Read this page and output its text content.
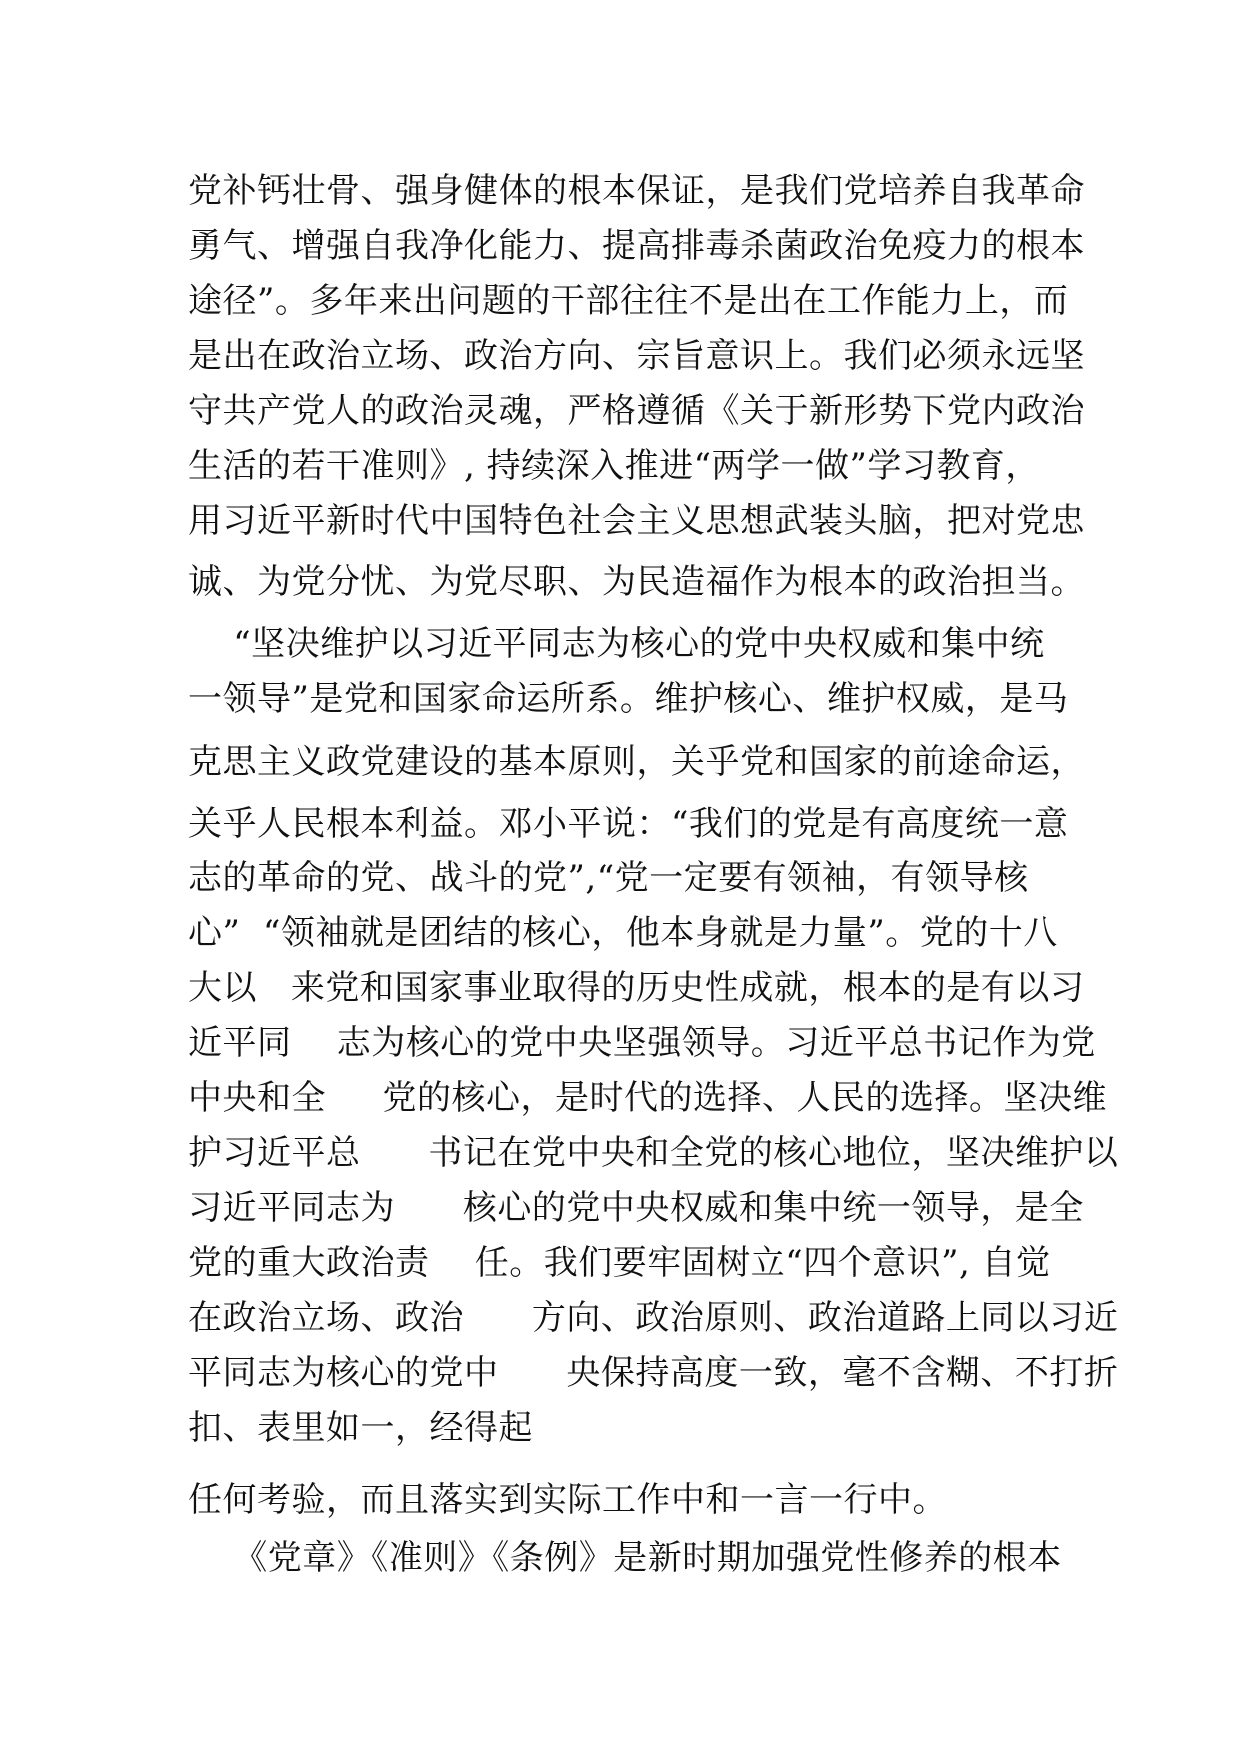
党补钙壮骨、强身健体的根本保证，是我们党培养自我革命
勇气、增强自我净化能力、提高排毒杀菌政治免疫力的根本
途径”。多年来出问题的干部往往不是出在工作能力上，而
是出在政治立场、政治方向、宗旨意识上。我们必须永远坚
守共产党人的政治灵魂，严格遵循《关于新形势下党内政治
生活的若干准则》, 持续深入推进“两学一做”学习教育，
用习近平新时代中国特色社会主义思想武装头脑，把对党忠
诚、为党分忧、为党尽职、为民造福作为根本的政治担当。
“坚决维护以习近平同志为核心的党中央权威和集中统
一领导”是党和国家命运所系。维护核心、维护权威，是马
克思主义政党建设的基本原则，关乎党和国家的前途命运，
关乎人民根本利益。邓小平说：“我们的党是有高度统一意
志的革命的党、战斗的党”,“党一定要有领袖，有领导核
心”  “领袖就是团结的核心，他本身就是力量”。党的十八
大以   来党和国家事业取得的历史性成就，根本的是有以习
近平同    志为核心的党中央坚强领导。习近平总书记作为党
中央和全     党的核心，是时代的选择、人民的选择。坚决维
护习近平总      书记在党中央和全党的核心地位，坚决维护以
习近平同志为      核心的党中央权威和集中统一领导，是全
党的重大政治责    任。我们要牢固树立“四个意识”, 自觉
在政治立场、政治      方向、政治原则、政治道路上同以习近
平同志为核心的党中      央保持高度一致，毫不含糊、不打折
扣、表里如一，经得起
任何考验，而且落实到实际工作中和一言一行中。
《党章》《准则》《条例》是新时期加强党性修养的根本
